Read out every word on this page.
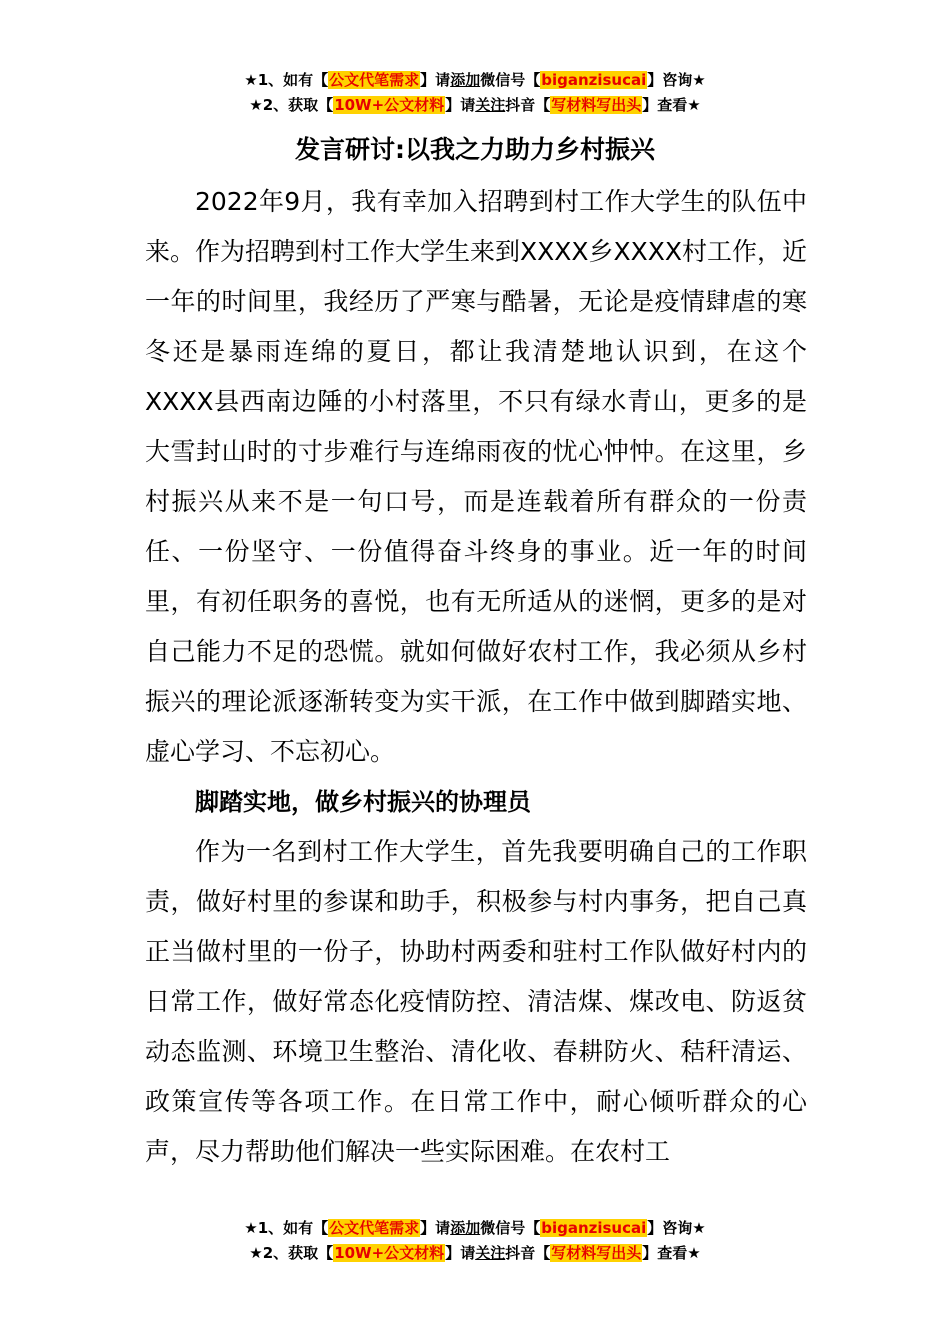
★1、如有【公文代笔需求】请添加微信号【biganzisucai】咨询★
★2、获取【10W+公文材料】请关注抖音【写材料写出头】查看★
发言研讨:以我之力助力乡村振兴

2022年9月，我有幸加入招聘到村工作大学生的队伍中来。作为招聘到村工作大学生来到XXXX乡XXXX村工作，近一年的时间里，我经历了严寒与酷暑，无论是疫情肆虐的寒冬还是暴雨连绵的夏日，都让我清楚地认识到，在这个XXXX县西南边陲的小村落里，不只有绿水青山，更多的是大雪封山时的寸步难行与连绵雨夜的忧心忡忡。在这里，乡村振兴从来不是一句口号，而是连载着所有群众的一份责任、一份坚守、一份值得奋斗终身的事业。近一年的时间里，有初任职务的喜悦，也有无所适从的迷惘，更多的是对自己能力不足的恐慌。就如何做好农村工作，我必须从乡村振兴的理论派逐渐转变为实干派，在工作中做到脚踏实地、虚心学习、不忘初心。

脚踏实地，做乡村振兴的协理员

作为一名到村工作大学生，首先我要明确自己的工作职责，做好村里的参谋和助手，积极参与村内事务，把自己真正当做村里的一份子，协助村两委和驻村工作队做好村内的日常工作，做好常态化疫情防控、清洁煤、煤改电、防返贫动态监测、环境卫生整治、清化收、春耕防火、秸秆清运、政策宣传等各项工作。在日常工作中，耐心倾听群众的心声，尽力帮助他们解决一些实际困难。在农村工

★1、如有【公文代笔需求】请添加微信号【biganzisucai】咨询★
★2、获取【10W+公文材料】请关注抖音【写材料写出头】查看★
